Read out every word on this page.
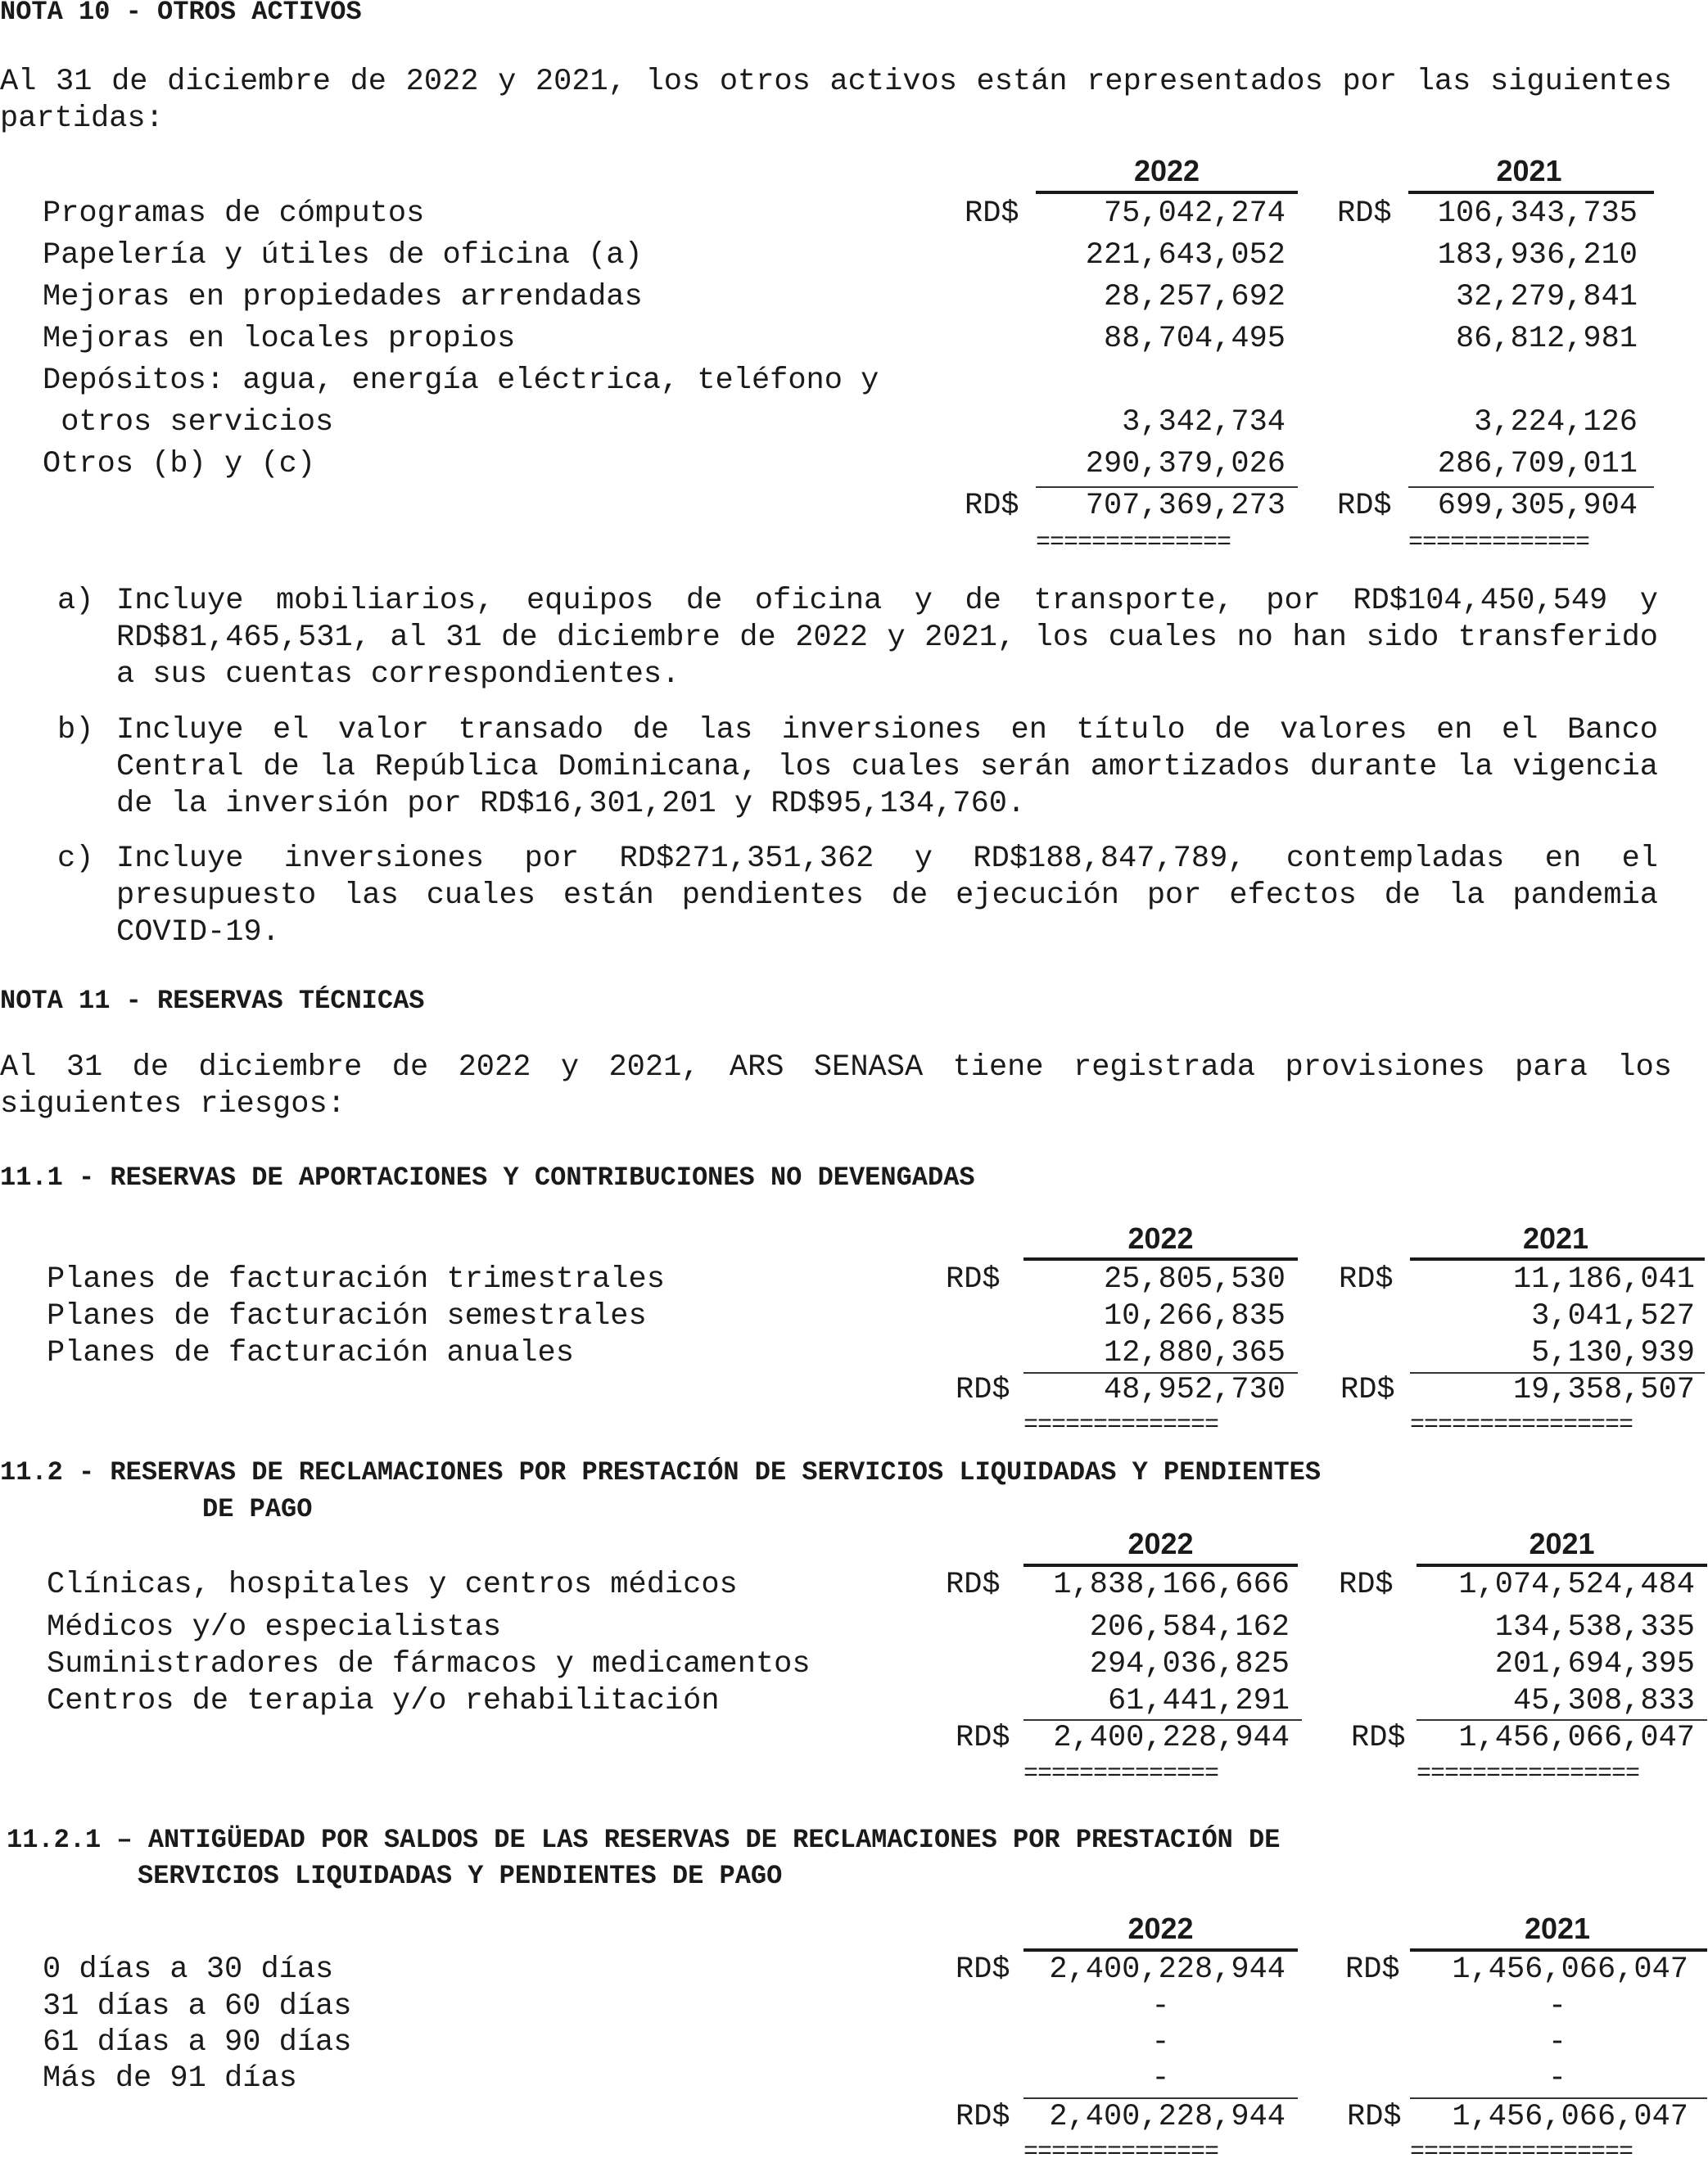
NOTA 10 - OTROS ACTIVOS
Al 31 de diciembre de 2022 y 2021, los otros activos están representados por las siguientes partidas:
2022	2021
Programas de cómputos	RD$	75,042,274 RD$	106,343,735
Papelería y útiles de oficina (a)	221,643,052	183,936,210
Mejoras en propiedades arrendadas	28,257,692	32,279,841
Mejoras en locales propios	88,704,495	86,812,981
Depósitos: agua, energía eléctrica, teléfono y
otros servicios	3,342,734	3,224,126
Otros (b) y (c)	290,379,026	286,709,011
RD$	707,369,273 RD$	699,305,904
==============	=============
a) Incluye mobiliarios, equipos de oficina y de transporte, por RD$104,450,549 y RD$81,465,531, al 31 de diciembre de 2022 y 2021, los cuales no han sido transferido a sus cuentas correspondientes.
b) Incluye el valor transado de las inversiones en título de valores en el Banco Central de la República Dominicana, los cuales serán amortizados durante la vigencia de la inversión por RD$16,301,201 y RD$95,134,760.
c) Incluye inversiones por RD$271,351,362 y RD$188,847,789, contempladas en el presupuesto las cuales están pendientes de ejecución por efectos de la pandemia COVID-19.
NOTA 11 - RESERVAS TÉCNICAS
Al 31 de diciembre de 2022 y 2021, ARS SENASA tiene registrada provisiones para los siguientes riesgos:
11.1 - RESERVAS DE APORTACIONES Y CONTRIBUCIONES NO DEVENGADAS
2022	2021
Planes de facturación trimestrales	RD$	25,805,530 RD$	11,186,041
Planes de facturación semestrales	10,266,835	3,041,527
Planes de facturación anuales	12,880,365	5,130,939
RD$	48,952,730 RD$	19,358,507
==============	================
11.2 - RESERVAS DE RECLAMACIONES POR PRESTACIÓN DE SERVICIOS LIQUIDADAS Y PENDIENTES
DE PAGO
2022	2021
Clínicas, hospitales y centros médicos	RD$	1,838,166,666 RD$	1,074,524,484
Médicos y/o especialistas	206,584,162	134,538,335
Suministradores de fármacos y medicamentos	294,036,825	201,694,395
Centros de terapia y/o rehabilitación	61,441,291	45,308,833
RD$	2,400,228,944 RD$	1,456,066,047
==============	================
11.2.1 – ANTIGÜEDAD POR SALDOS DE LAS RESERVAS DE RECLAMACIONES POR PRESTACIÓN DE
SERVICIOS LIQUIDADAS Y PENDIENTES DE PAGO
2022	2021
0 días a 30 días	RD$	2,400,228,944 RD$	1,456,066,047
31 días a 60 días	-	-
61 días a 90 días	-	-
Más de 91 días	-	-
RD$	2,400,228,944 RD$	1,456,066,047
==============	================
